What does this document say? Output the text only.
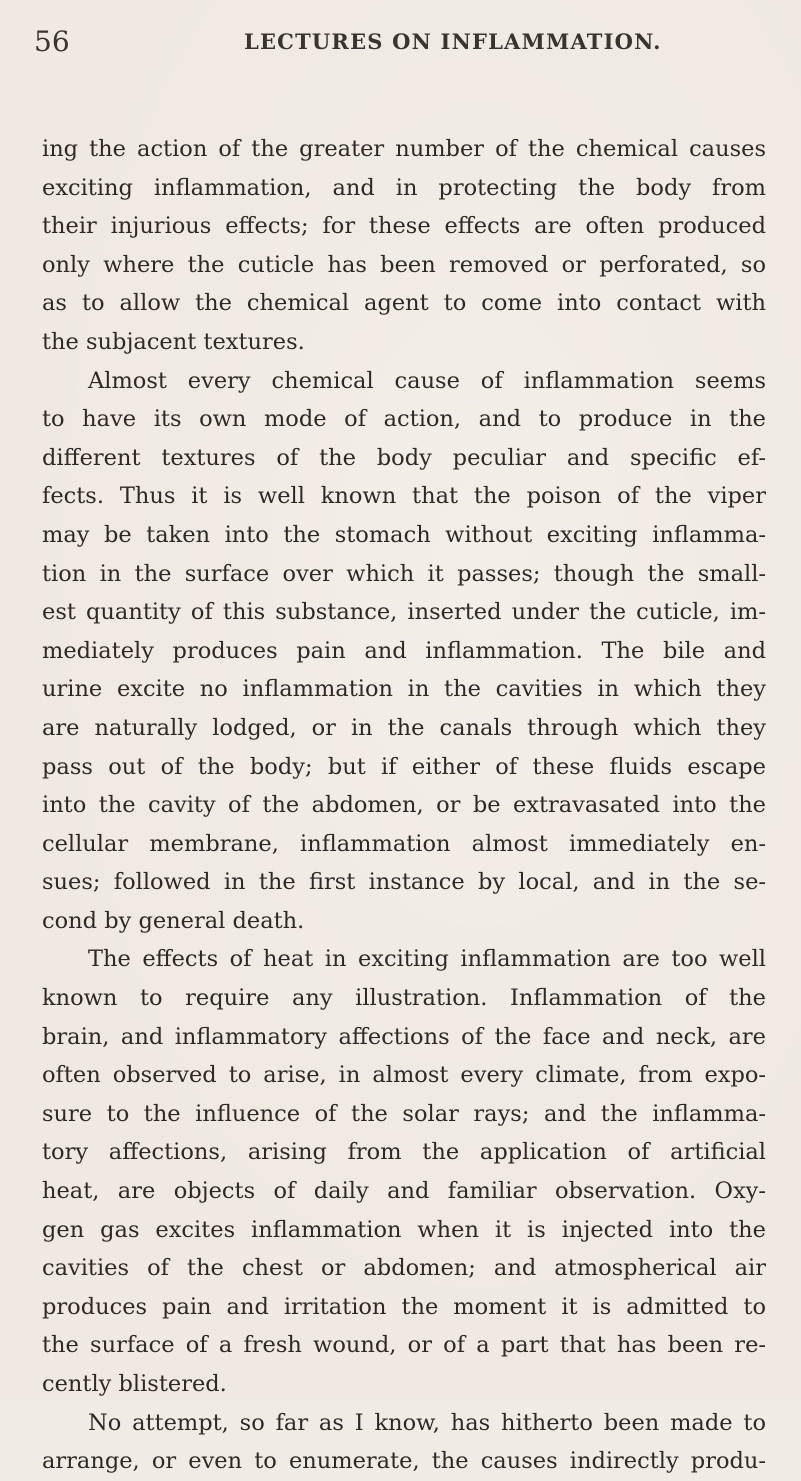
56	LECTURES ON INFLAMMATION.
ing the action of the greater number of the chemical causes
exciting inflammation, and in protecting the body from
their injurious effects; for these effects are often produced
only where the cuticle has been removed or perforated, so
as to allow the chemical agent to come into contact with
the subjacent textures.
Almost every chemical cause of inflammation seems
to have its own mode of action, and to produce in the
different textures of the body peculiar and specific ef-
fects. Thus it is well known that the poison of the viper
may be taken into the stomach without exciting inflamma-
tion in the surface over which it passes; though the small-
est quantity of this substance, inserted under the cuticle, im-
mediately produces pain and inflammation. The bile and
urine excite no inflammation in the cavities in which they
are naturally lodged, or in the canals through which they
pass out of the body; but if either of these fluids escape
into the cavity of the abdomen, or be extravasated into the
cellular membrane, inflammation almost immediately en-
sues; followed in the first instance by local, and in the se-
cond by general death.
The effects of heat in exciting inflammation are too well
known to require any illustration. Inflammation of the
brain, and inflammatory affections of the face and neck, are
often observed to arise, in almost every climate, from expo-
sure to the influence of the solar rays; and the inflamma-
tory affections, arising from the application of artificial
heat, are objects of daily and familiar observation. Oxy-
gen gas excites inflammation when it is injected into the
cavities of the chest or abdomen; and atmospherical air
produces pain and irritation the moment it is admitted to
the surface of a fresh wound, or of a part that has been re-
cently blistered.
No attempt, so far as I know, has hitherto been made to
arrange, or even to enumerate, the causes indirectly produ-
